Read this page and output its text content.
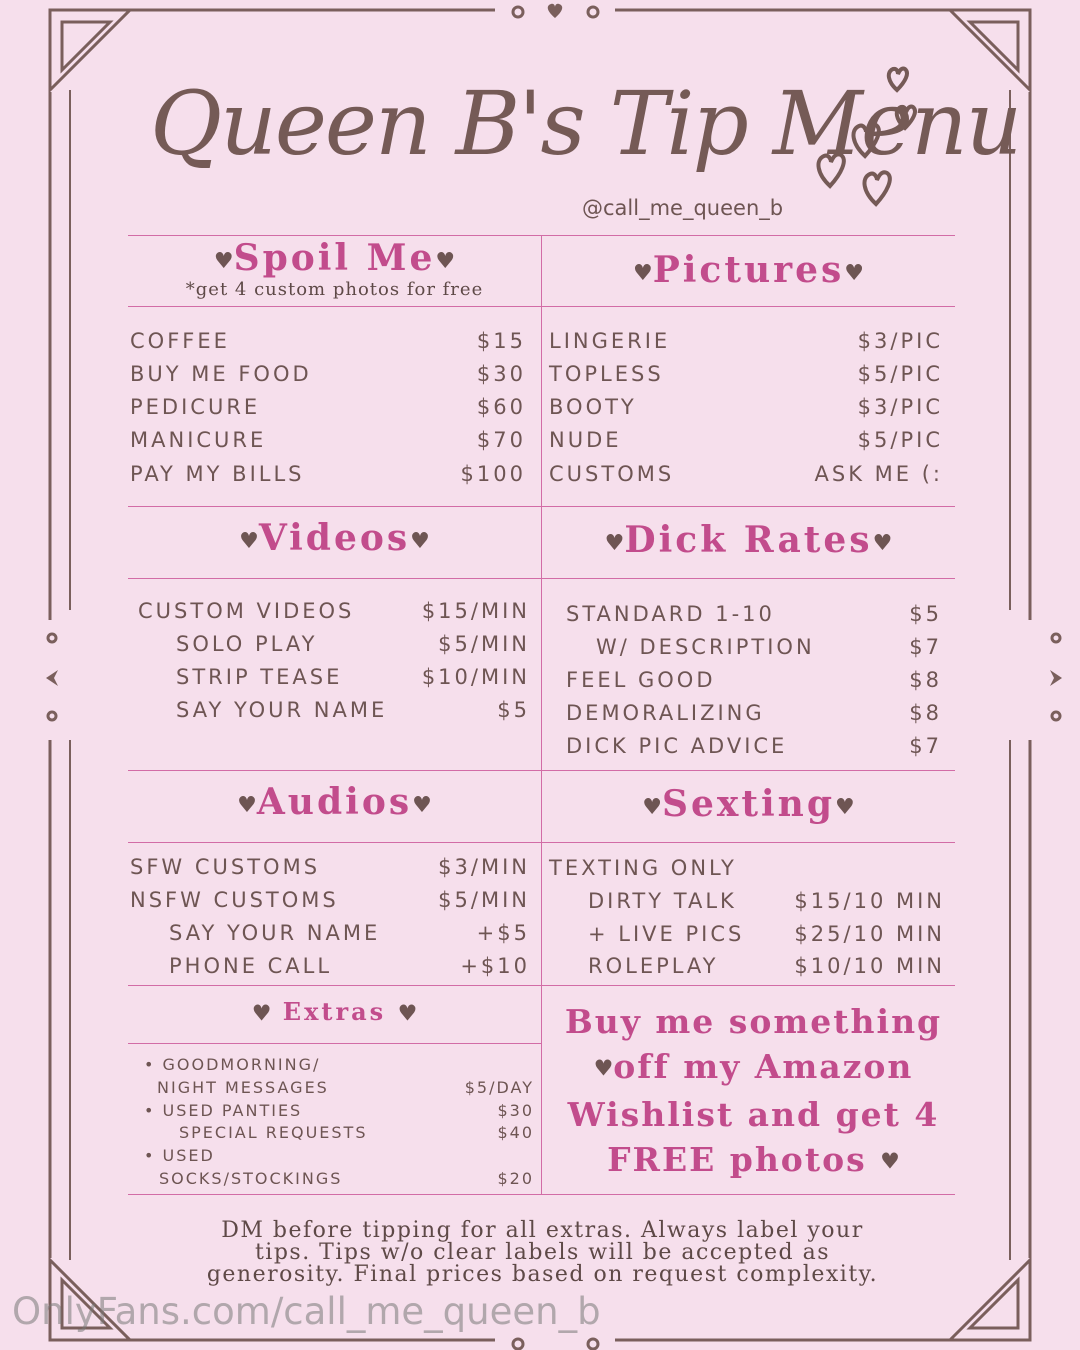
Queen B's Tip Menu
@call_me_queen_b
♥Spoil Me♥
*get 4 custom photos for free
COFFEE	$15
BUY ME FOOD	$30
PEDICURE	$60
MANICURE	$70
PAY MY BILLS	$100
♥Pictures♥
LINGERIE	$3/PIC
TOPLESS	$5/PIC
BOOTY	$3/PIC
NUDE	$5/PIC
CUSTOMS	ASK ME (:
♥Videos♥
CUSTOM VIDEOS	$15/MIN
SOLO PLAY	$5/MIN
STRIP TEASE	$10/MIN
SAY YOUR NAME	$5
♥Dick Rates♥
STANDARD 1-10	$5
W/ DESCRIPTION	$7
FEEL GOOD	$8
DEMORALIZING	$8
DICK PIC ADVICE	$7
♥Audios♥
SFW CUSTOMS	$3/MIN
NSFW CUSTOMS	$5/MIN
SAY YOUR NAME	+$5
PHONE CALL	+$10
♥Sexting♥
TEXTING ONLY
DIRTY TALK	$15/10 MIN
+ LIVE PICS $25/10 MIN
ROLEPLAY	$10/10 MIN
♥ Extras ♥
• GOODMORNING/
NIGHT MESSAGES	$5/DAY
• USED PANTIES	$30
SPECIAL REQUESTS	$40
• USED
SOCKS/STOCKINGS	$20
Buy me something
♥off my Amazon
Wishlist and get 4
FREE photos ♥
DM before tipping for all extras. Always label your
tips. Tips w/o clear labels will be accepted as
generosity. Final prices based on request complexity.
OnlyFans.com/call_me_queen_b
